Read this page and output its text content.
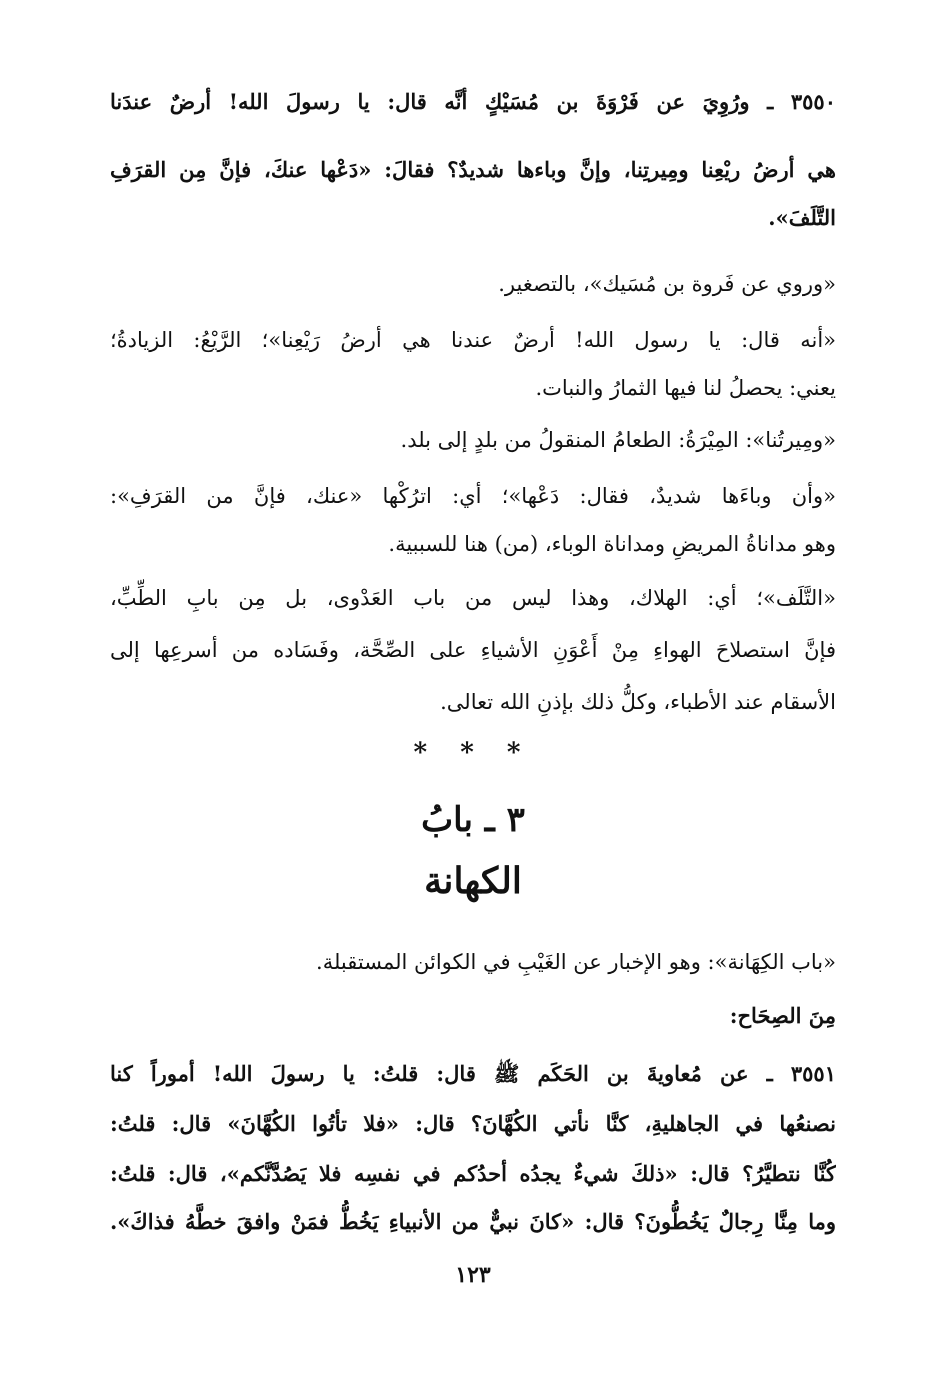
٣٥٥٠ ـ ورُوِيَ عن فَرْوَةَ بن مُسَيْكٍ أنَّه قال: يا رسولَ الله! أرضٌ عندَنا
هي أرضُ ريْعِنا ومِيرتِنا، وإنَّ وباءها شديدٌ؟ فقالَ: «دَعْها عنكَ، فإنَّ مِن القرَفِ
التَّلَفَ».
«وروي عن فَروة بن مُسَيك»، بالتصغير.
«أنه قال: يا رسول الله! أرضٌ عندنا هي أرضُ رَيْعِنا»؛ الرَّيْعُ: الزيادةُ؛
يعني: يحصلُ لنا فيها الثمارُ والنبات.
«ومِيرتُنا»: المِيْرَةُ: الطعامُ المنقولُ من بلدٍ إلى بلد.
«وأن وباءَها شديدٌ، فقال: دَعْها»؛ أي: اترُكْها «عنك، فإنَّ من القرَفِ»:
وهو مداناةُ المريضِ ومداناة الوباء، (من) هنا للسببية.
«التَّلَف»؛ أي: الهلاك، وهذا ليس من باب العَدْوى، بل مِن بابِ الطِّبِّ،
فإنَّ استصلاحَ الهواءِ مِنْ أَعْوَنِ الأشياءِ على الصِّحَّة، وفَسَاده من أسرعِها إلى
الأسقام عند الأطباء، وكلُّ ذلك بإذنِ الله تعالى.
* * *
٣ ـ بابُ
الكهانة
«باب الكِهَانة»: وهو الإخبار عن الغَيْبِ في الكوائن المستقبلة.
مِنَ الصِحَاح:
٣٥٥١ ـ عن مُعاويةَ بن الحَكَم ﷺ قال: قلتُ: يا رسولَ الله! أموراً كنا
نصنعُها في الجاهليةِ، كنَّا نأتي الكُهَّانَ؟ قال: «فلا تأتُوا الكُهَّانَ» قال: قلتُ:
كُنَّا نتطيَّرُ؟ قال: «ذلكَ شيءٌ يجدُه أحدُكم في نفسِه فلا يَصُدَّنَّكم»، قال: قلتُ:
وما مِنَّا رِجالٌ يَخُطُّونَ؟ قال: «كانَ نبيٌّ من الأنبياءِ يَخُطُّ فمَنْ وافقَ خطَّهُ فذاكَ».
١٢٣
